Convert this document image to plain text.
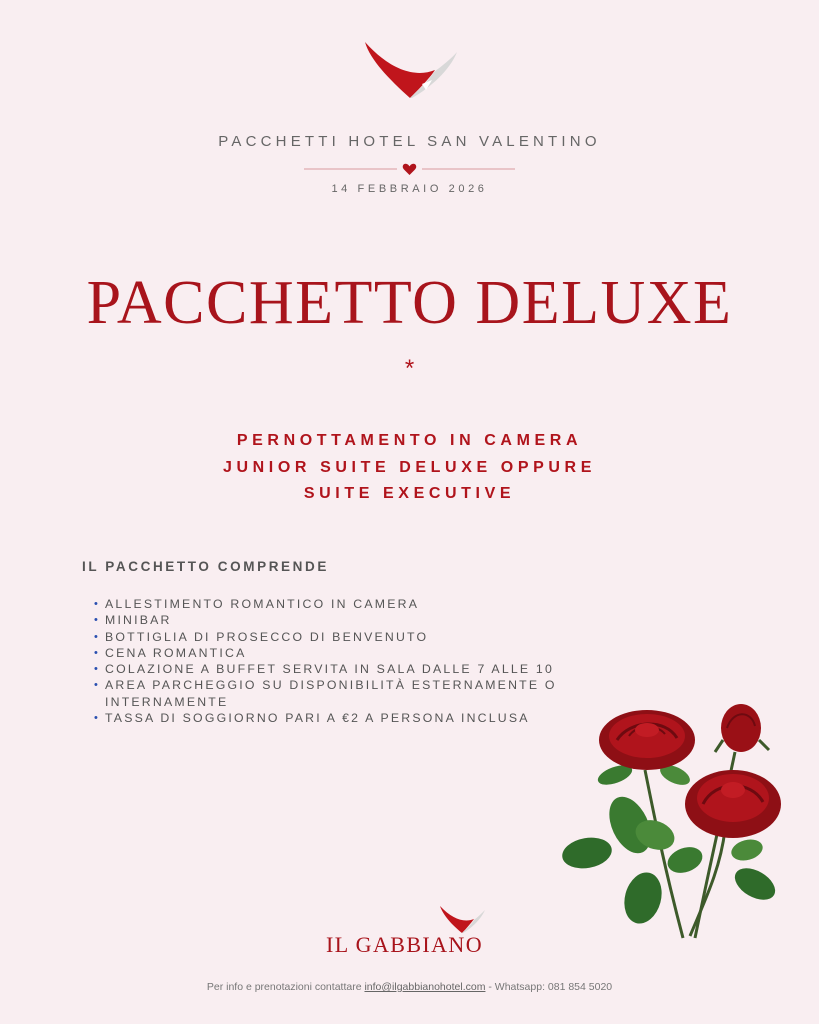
PACCHETTI HOTEL SAN VALENTINO
14 FEBBRAIO 2026
PACCHETTO DELUXE
*
PERNOTTAMENTO IN CAMERA
JUNIOR SUITE DELUXE OPPURE
SUITE EXECUTIVE
IL PACCHETTO COMPRENDE
• ALLESTIMENTO ROMANTICO IN CAMERA
• MINIBAR
• BOTTIGLIA DI PROSECCO DI BENVENUTO
• CENA ROMANTICA
• COLAZIONE A BUFFET SERVITA IN SALA DALLE 7 ALLE 10
• AREA PARCHEGGIO SU DISPONIBILITÀ ESTERNAMENTE O INTERNAMENTE
• TASSA DI SOGGIORNO PARI A €2 A PERSONA INCLUSA
IL GABBIANO
Per info e prenotazioni contattare info@ilgabbianohotel.com - Whatsapp: 081 854 5020
